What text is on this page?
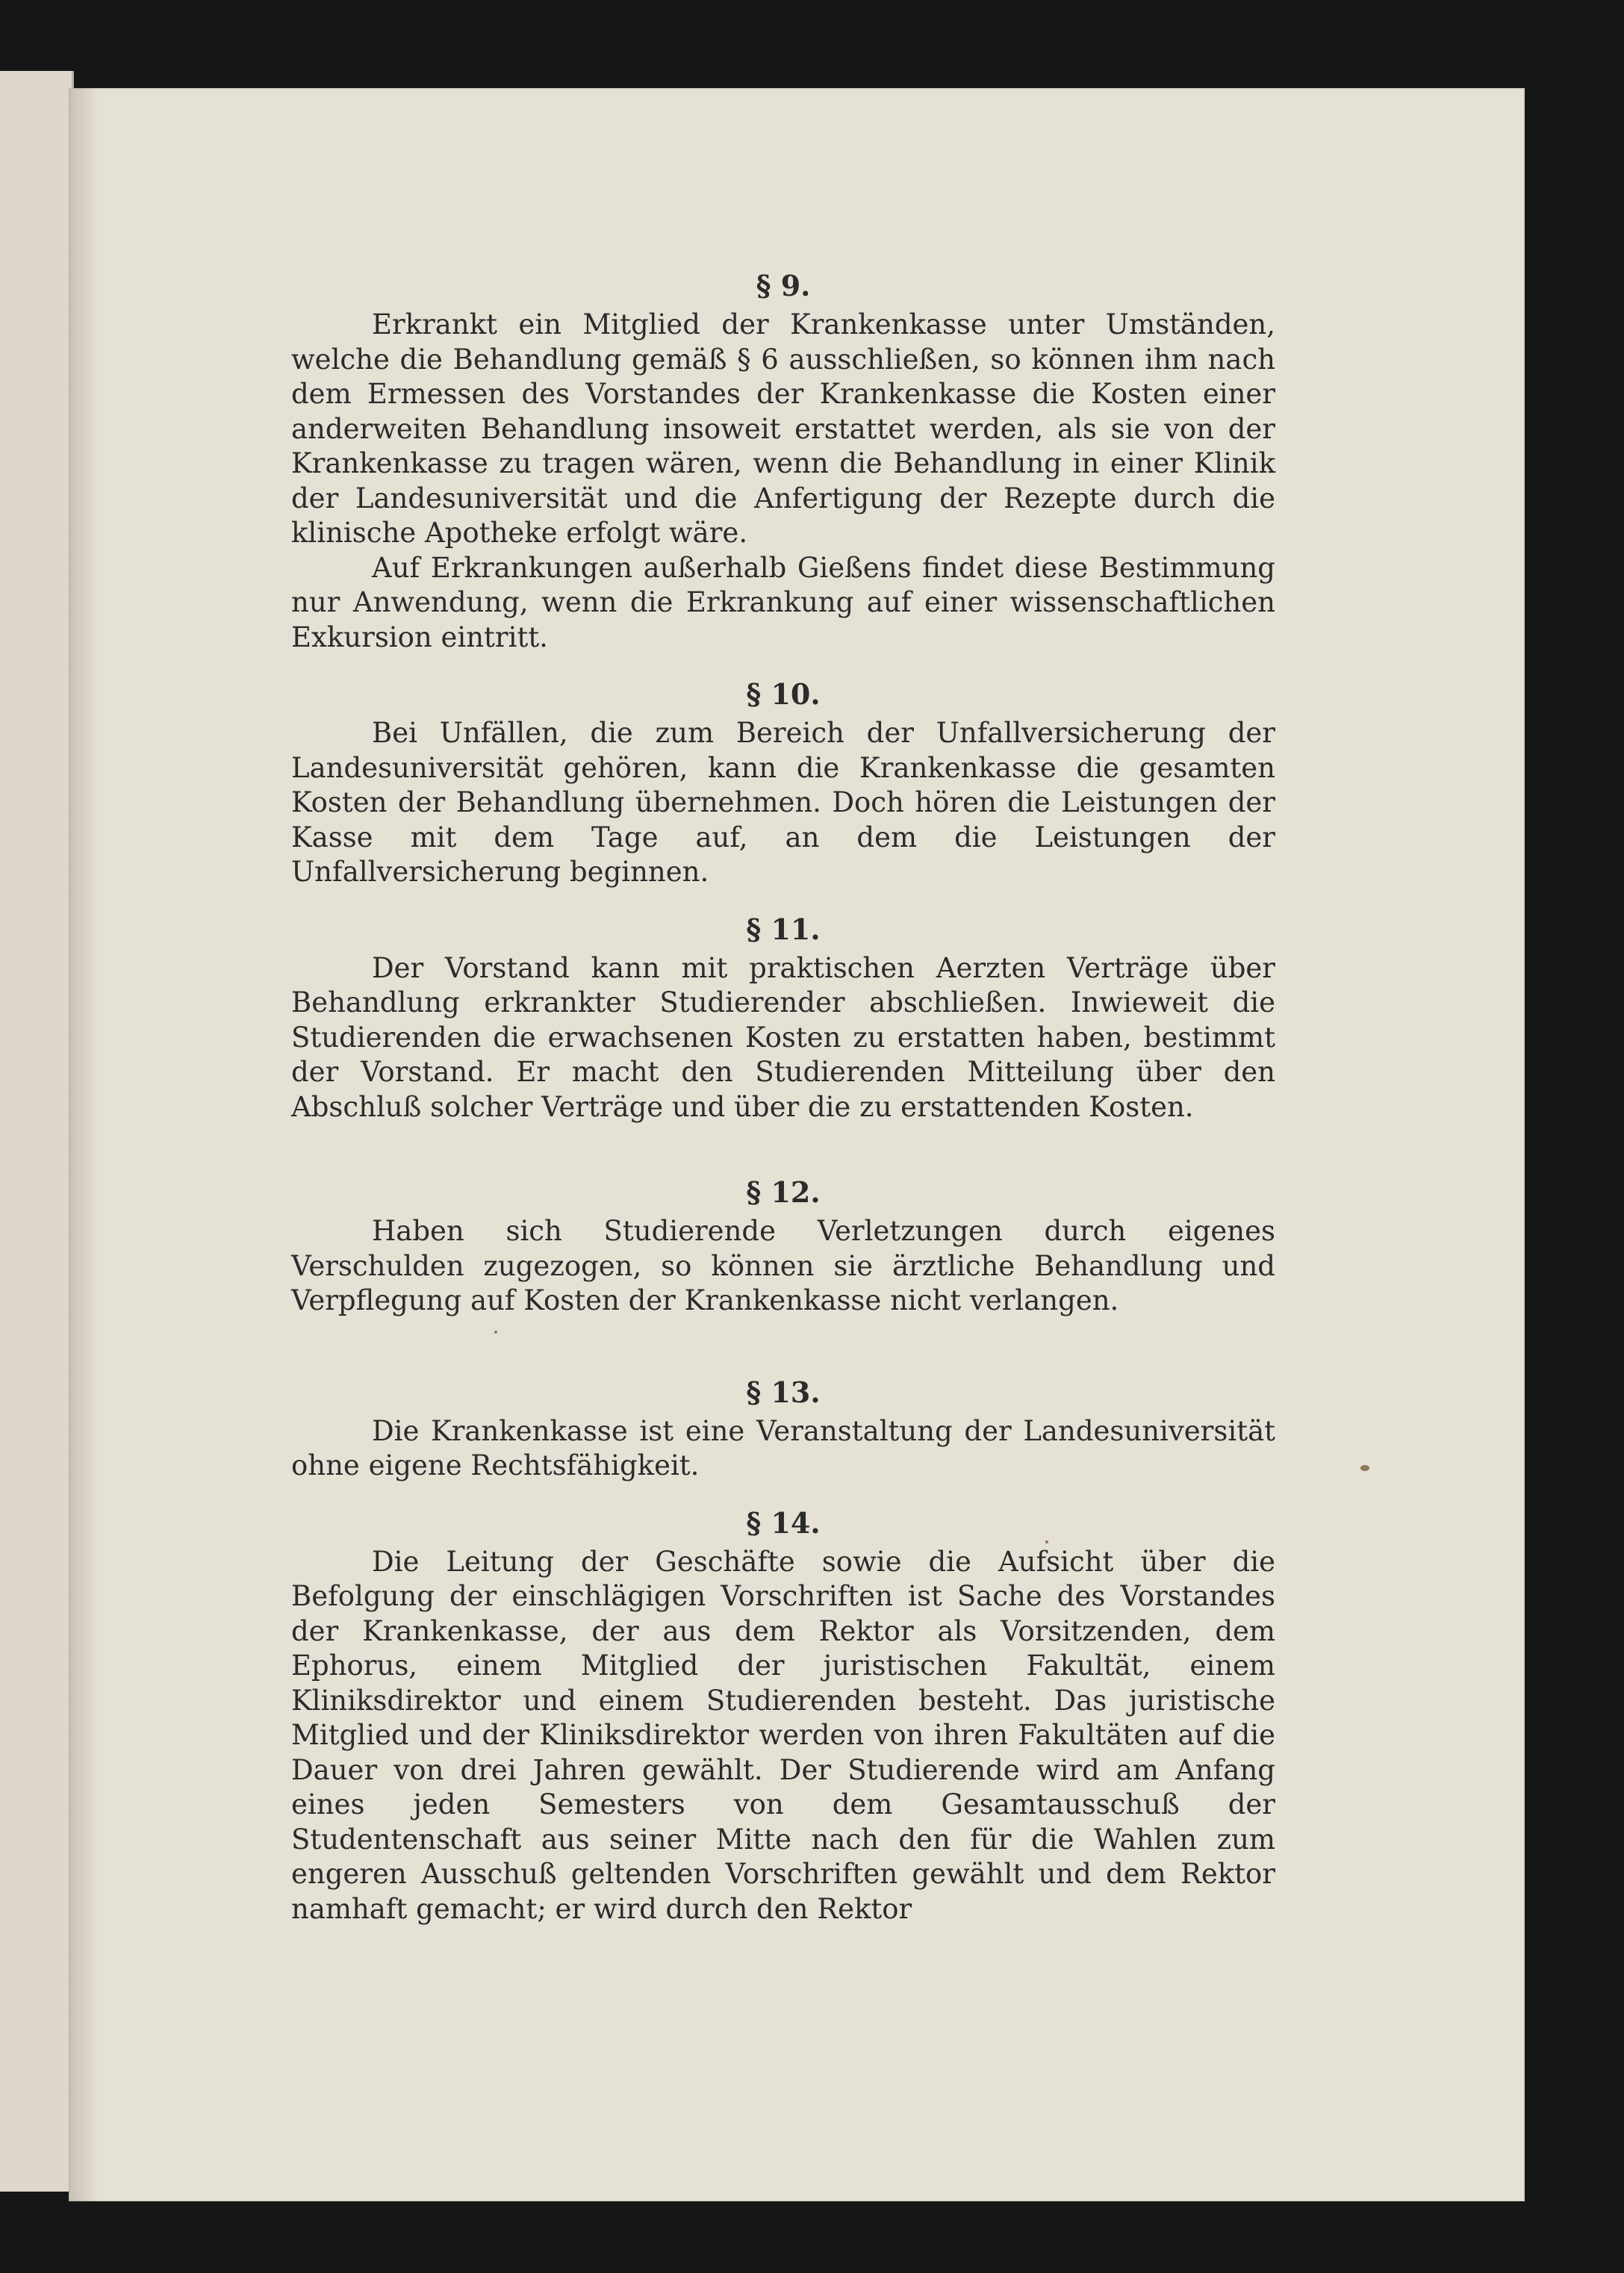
§ 9.

Erkrankt ein Mitglied der Krankenkasse unter Umständen, welche die Behandlung gemäß § 6 ausschließen, so können ihm nach dem Ermessen des Vorstandes der Krankenkasse die Kosten einer anderweiten Behandlung insoweit erstattet werden, als sie von der Krankenkasse zu tragen wären, wenn die Behandlung in einer Klinik der Landesuniversität und die Anfertigung der Rezepte durch die klinische Apotheke erfolgt wäre.

Auf Erkrankungen außerhalb Gießens findet diese Bestimmung nur Anwendung, wenn die Erkrankung auf einer wissenschaftlichen Exkursion eintritt.

§ 10.

Bei Unfällen, die zum Bereich der Unfallversicherung der Landesuniversität gehören, kann die Krankenkasse die gesamten Kosten der Behandlung übernehmen. Doch hören die Leistungen der Kasse mit dem Tage auf, an dem die Leistungen der Unfallversicherung beginnen.

§ 11.

Der Vorstand kann mit praktischen Aerzten Verträge über Behandlung erkrankter Studierender abschließen. Inwieweit die Studierenden die erwachsenen Kosten zu erstatten haben, bestimmt der Vorstand. Er macht den Studierenden Mitteilung über den Abschluß solcher Verträge und über die zu erstattenden Kosten.

§ 12.

Haben sich Studierende Verletzungen durch eigenes Verschulden zugezogen, so können sie ärztliche Behandlung und Verpflegung auf Kosten der Krankenkasse nicht verlangen.

§ 13.

Die Krankenkasse ist eine Veranstaltung der Landesuniversität ohne eigene Rechtsfähigkeit.

§ 14.

Die Leitung der Geschäfte sowie die Aufsicht über die Befolgung der einschlägigen Vorschriften ist Sache des Vorstandes der Krankenkasse, der aus dem Rektor als Vorsitzenden, dem Ephorus, einem Mitglied der juristischen Fakultät, einem Kliniksdirektor und einem Studierenden besteht. Das juristische Mitglied und der Kliniksdirektor werden von ihren Fakultäten auf die Dauer von drei Jahren gewählt. Der Studierende wird am Anfang eines jeden Semesters von dem Gesamtausschuß der Studentenschaft aus seiner Mitte nach den für die Wahlen zum engeren Ausschuß geltenden Vorschriften gewählt und dem Rektor namhaft gemacht; er wird durch den Rektor
